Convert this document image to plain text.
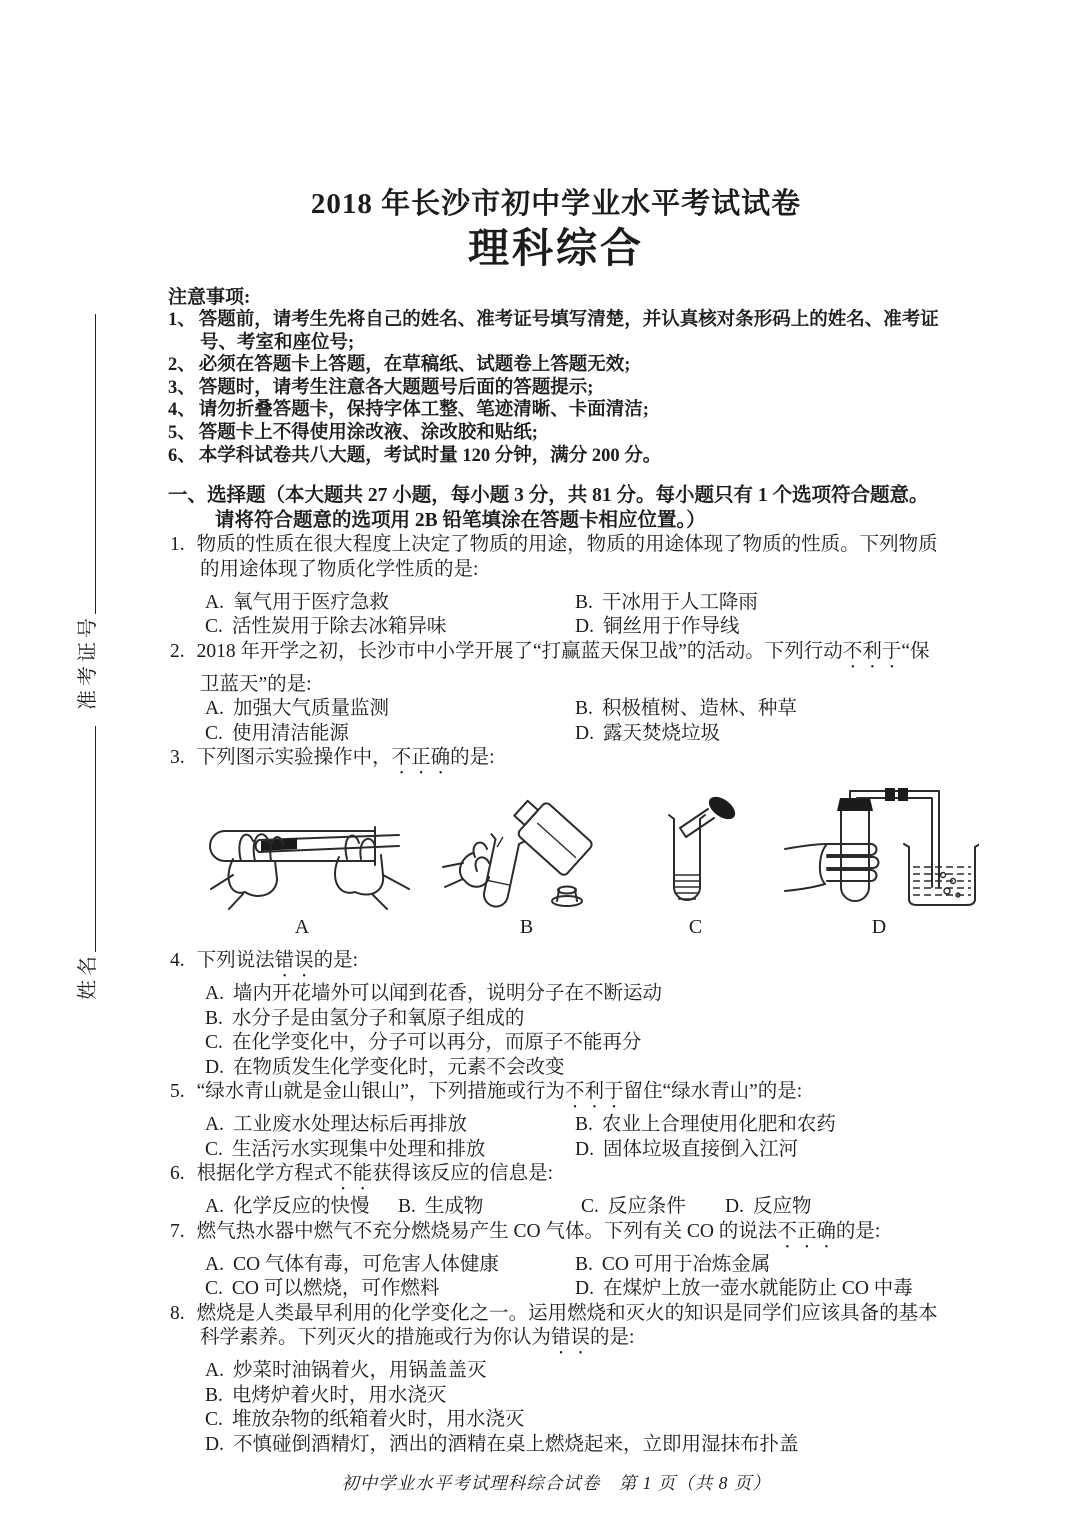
准考证号
姓名
2018 年长沙市初中学业水平考试试卷
理科综合
注意事项:
1、 答题前，请考生先将自己的姓名、准考证号填写清楚，并认真核对条形码上的姓名、准考证号、考室和座位号;
2、 必须在答题卡上答题，在草稿纸、试题卷上答题无效;
3、 答题时，请考生注意各大题题号后面的答题提示;
4、 请勿折叠答题卡，保持字体工整、笔迹清晰、卡面清洁;
5、 答题卡上不得使用涂改液、涂改胶和贴纸;
6、 本学科试卷共八大题，考试时量 120 分钟，满分 200 分。
一、选择题（本大题共 27 小题，每小题 3 分，共 81 分。每小题只有 1 个选项符合题意。
请将符合题意的选项用 2B 铅笔填涂在答题卡相应位置。）

1. 物质的性质在很大程度上决定了物质的用途，物质的用途体现了物质的性质。下列物质的用途体现了物质化学性质的是:

A. 氧气用于医疗急救	B. 干冰用于人工降雨
C. 活性炭用于除去冰箱异味	D. 铜丝用于作导线

2. 2018 年开学之初，长沙市中小学开展了“打赢蓝天保卫战”的活动。下列行动不利于“保卫蓝天”的是:

A. 加强大气质量监测	B. 积极植树、造林、种草
C. 使用清洁能源	D. 露天焚烧垃圾

3. 下列图示实验操作中，不正确的是:

A	B	C	D

4. 下列说法错误的是:

A. 墙内开花墙外可以闻到花香，说明分子在不断运动
B. 水分子是由氢分子和氧原子组成的
C. 在化学变化中，分子可以再分，而原子不能再分
D. 在物质发生化学变化时，元素不会改变

5. “绿水青山就是金山银山”，下列措施或行为不利于留住“绿水青山”的是:

A. 工业废水处理达标后再排放	B. 农业上合理使用化肥和农药
C. 生活污水实现集中处理和排放	D. 固体垃圾直接倒入江河

6. 根据化学方程式不能获得该反应的信息是:

A. 化学反应的快慢	B. 生成物	C. 反应条件	D. 反应物

7. 燃气热水器中燃气不充分燃烧易产生 CO 气体。下列有关 CO 的说法不正确的是:

A. CO 气体有毒，可危害人体健康	B. CO 可用于冶炼金属
C. CO 可以燃烧，可作燃料	D. 在煤炉上放一壶水就能防止 CO 中毒

8. 燃烧是人类最早利用的化学变化之一。运用燃烧和灭火的知识是同学们应该具备的基本科学素养。下列灭火的措施或行为你认为错误的是:

A. 炒菜时油锅着火，用锅盖盖灭
B. 电烤炉着火时，用水浇灭
C. 堆放杂物的纸箱着火时，用水浇灭
D. 不慎碰倒酒精灯，洒出的酒精在桌上燃烧起来，立即用湿抹布扑盖
初中学业水平考试理科综合试卷　第 1 页（共 8 页）
